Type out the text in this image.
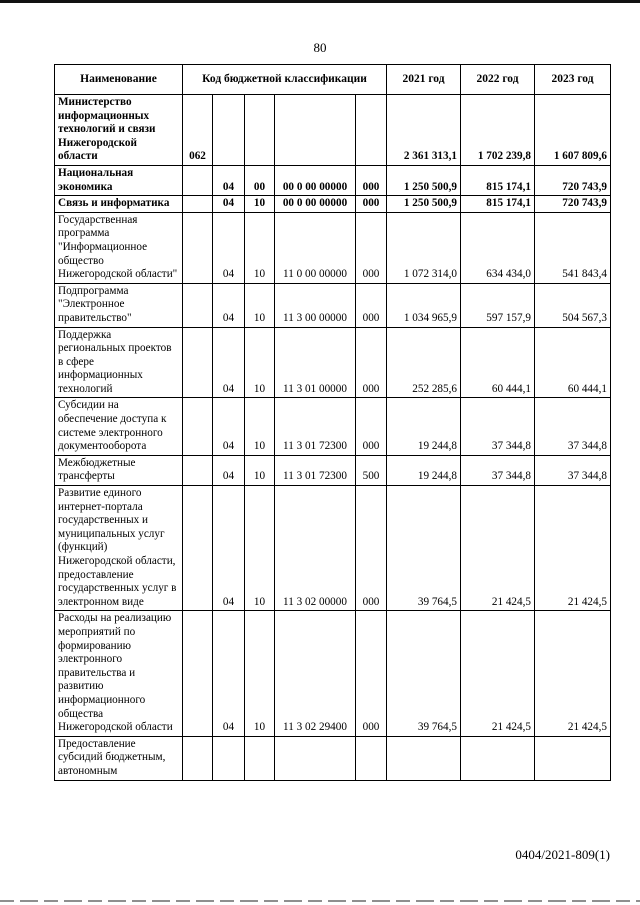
80
Наименование	Код бюджетной классификации					2021 год	2022 год	2023 год
Министерство информационных технологий и связи Нижегородской области	062					2 361 313,1	1 702 239,8	1 607 809,6
Национальная экономика		04	00	00 0 00 00000	000	1 250 500,9	815 174,1	720 743,9
Связь и информатика		04	10	00 0 00 00000	000	1 250 500,9	815 174,1	720 743,9
Государственная программа "Информационное общество Нижегородской области"		04	10	11 0 00 00000	000	1 072 314,0	634 434,0	541 843,4
Подпрограмма "Электронное правительство"		04	10	11 3 00 00000	000	1 034 965,9	597 157,9	504 567,3
Поддержка региональных проектов в сфере информационных технологий		04	10	11 3 01 00000	000	252 285,6	60 444,1	60 444,1
Субсидии на обеспечение доступа к системе электронного документооборота		04	10	11 3 01 72300	000	19 244,8	37 344,8	37 344,8
Межбюджетные трансферты		04	10	11 3 01 72300	500	19 244,8	37 344,8	37 344,8
Развитие единого интернет-портала государственных и муниципальных услуг (функций) Нижегородской области, предоставление государственных услуг в электронном виде		04	10	11 3 02 00000	000	39 764,5	21 424,5	21 424,5
Расходы на реализацию мероприятий по формированию электронного правительства и развитию информационного общества Нижегородской области		04	10	11 3 02 29400	000	39 764,5	21 424,5	21 424,5
Предоставление субсидий бюджетным, автономным								
0404/2021-809(1)
